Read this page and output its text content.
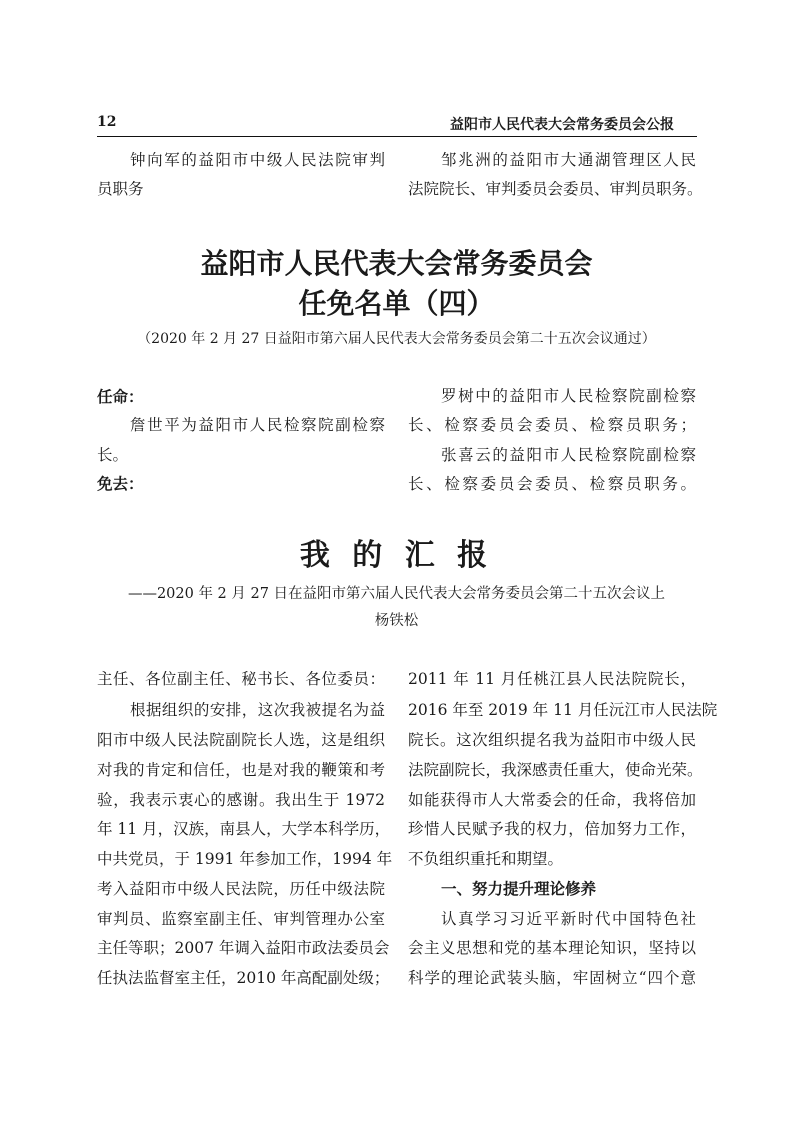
12	益阳市人民代表大会常务委员会公报
钟向军的益阳市中级人民法院审判
员职务
邹兆洲的益阳市大通湖管理区人民
法院院长、审判委员会委员、审判员职务。
益阳市人民代表大会常务委员会
任免名单（四）
（2020 年 2 月 27 日益阳市第六届人民代表大会常务委员会第二十五次会议通过）
任命：
詹世平为益阳市人民检察院副检察
长。
免去：
罗树中的益阳市人民检察院副检察
长、检察委员会委员、检察员职务；
张喜云的益阳市人民检察院副检察
长、检察委员会委员、检察员职务。
我 的 汇 报
——2020 年 2 月 27 日在益阳市第六届人民代表大会常务委员会第二十五次会议上
杨铁松
主任、各位副主任、秘书长、各位委员：
根据组织的安排，这次我被提名为益
阳市中级人民法院副院长人选，这是组织
对我的肯定和信任，也是对我的鞭策和考
验，我表示衷心的感谢。我出生于 1972
年 11 月，汉族，南县人，大学本科学历，
中共党员，于 1991 年参加工作，1994 年
考入益阳市中级人民法院，历任中级法院
审判员、监察室副主任、审判管理办公室
主任等职；2007 年调入益阳市政法委员会
任执法监督室主任，2010 年高配副处级；
2011 年 11 月任桃江县人民法院院长，
2016 年至 2019 年 11 月任沅江市人民法院
院长。这次组织提名我为益阳市中级人民
法院副院长，我深感责任重大，使命光荣。
如能获得市人大常委会的任命，我将倍加
珍惜人民赋予我的权力，倍加努力工作，
不负组织重托和期望。
一、努力提升理论修养
认真学习习近平新时代中国特色社
会主义思想和党的基本理论知识，坚持以
科学的理论武装头脑，牢固树立“四个意
